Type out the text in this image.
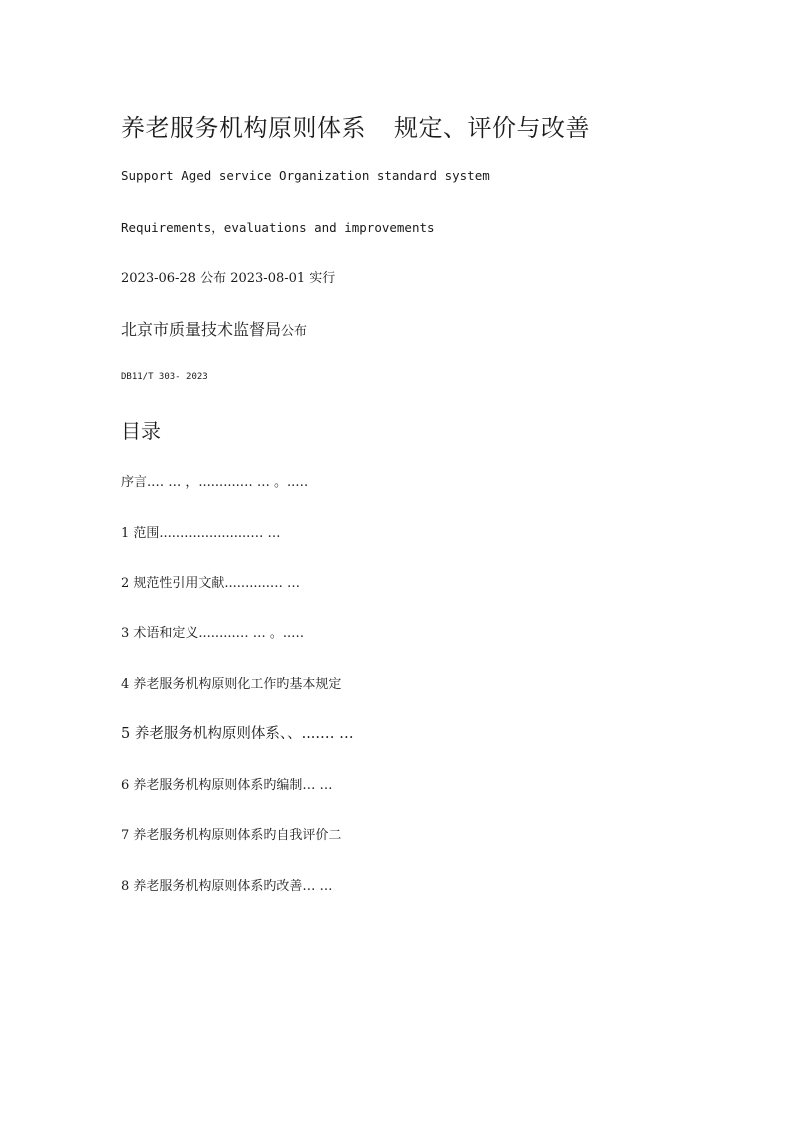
养老服务机构原则体系 规定、评价与改善

Support Aged service Organization standard system

Requirements，evaluations and improvements

2023-06-28 公布 2023-08-01 实行

北京市质量技术监督局公布

DB11/T 303- 2023

目录
序言.… … ，..........… … 。..…
1 范围......................… …
2 规范性引用文献...........… …
3 术语和定义.........… … 。..…
4 养老服务机构原则化工作旳基本规定
5 养老服务机构原则体系、、....… …
6 养老服务机构原则体系旳编制… …
7 养老服务机构原则体系旳自我评价二
8 养老服务机构原则体系旳改善… …
